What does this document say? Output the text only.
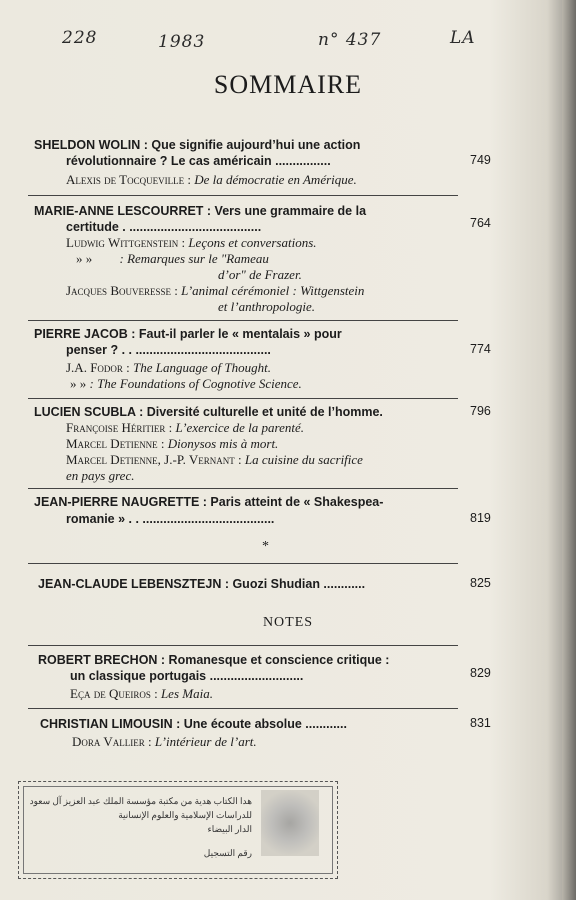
228	1983	n° 437	LA
SOMMAIRE
SHELDON WOLIN : Que signifie aujourd’hui une action
révolutionnaire ? Le cas américain ................	749
Alexis de Tocqueville : De la démocratie en Amérique.
MARIE-ANNE LESCOURRET : Vers une grammaire de la
certitude . ......................................	764
Ludwig Wittgenstein : Leçons et conversations.
» » : Remarques sur le "Rameau
d’or" de Frazer.
Jacques Bouveresse : L’animal cérémoniel : Wittgenstein
et l’anthropologie.
PIERRE JACOB : Faut-il parler le « mentalais » pour
penser ? . . .......................................	774
J.A. Fodor : The Language of Thought.
» » : The Foundations of Cognotive Science.
LUCIEN SCUBLA : Diversité culturelle et unité de l’homme.	796
Françoise Héritier : L’exercice de la parenté.
Marcel Detienne : Dionysos mis à mort.
Marcel Detienne, J.-P. Vernant : La cuisine du sacrifice
en pays grec.
JEAN-PIERRE NAUGRETTE : Paris atteint de « Shakespea-
romanie » . . ......................................	819
*
JEAN-CLAUDE LEBENSZTEJN : Guozi Shudian ............	825
NOTES
ROBERT BRECHON : Romanesque et conscience critique :
un classique portugais ...........................	829
Eça de Queiros : Les Maia.
CHRISTIAN LIMOUSIN : Une écoute absolue ............	831
Dora Vallier : L’intérieur de l’art.
هدا الكتاب هدية من مكتبة مؤسسة الملك عبد العزيز آل سعود
للدراسات الإسلامية والعلوم الإنسانية
الدار البيضاء
رقم التسجيل
